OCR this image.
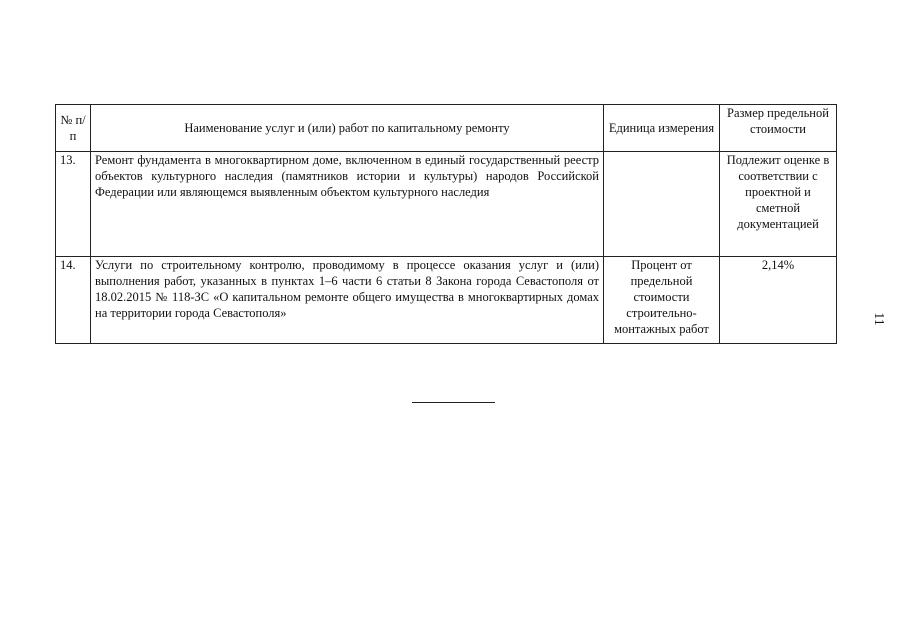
№ п/п	Наименование услуг и (или) работ по капитальному ремонту	Единица измерения	Размер предельной стоимости
13.	Ремонт фундамента в многоквартирном доме, включенном в единый государственный реестр объектов культурного наследия (памятников истории и культуры) народов Российской Федерации или являющемся выявленным объектом культурного наследия		Подлежит оценке в соответствии с проектной и сметной документацией
14.	Услуги по строительному контролю, проводимому в процессе оказания услуг и (или) выполнения работ, указанных в пунктах 1–6 части 6 статьи 8 Закона города Севастополя от 18.02.2015 № 118-ЗС «О капитальном ремонте общего имущества в многоквартирных домах на территории города Севастополя»	Процент от предельной стоимости строительно-монтажных работ	2,14%
11
